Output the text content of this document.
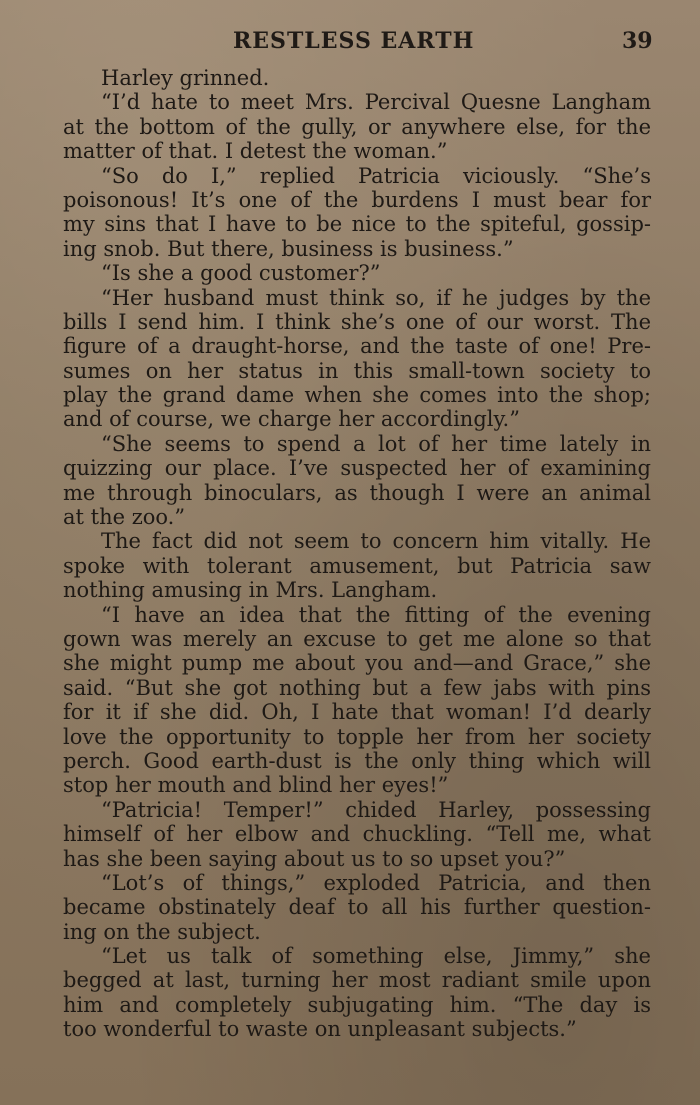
RESTLESS EARTH	39
Harley grinned.
“I’d hate to meet Mrs. Percival Quesne Langham
at the bottom of the gully, or anywhere else, for the
matter of that. I detest the woman.”
“So do I,” replied Patricia viciously. “She’s
poisonous! It’s one of the burdens I must bear for
my sins that I have to be nice to the spiteful, gossip-
ing snob. But there, business is business.”
“Is she a good customer?”
“Her husband must think so, if he judges by the
bills I send him. I think she’s one of our worst. The
figure of a draught-horse, and the taste of one! Pre-
sumes on her status in this small-town society to
play the grand dame when she comes into the shop;
and of course, we charge her accordingly.”
“She seems to spend a lot of her time lately in
quizzing our place. I’ve suspected her of examining
me through binoculars, as though I were an animal
at the zoo.”
The fact did not seem to concern him vitally. He
spoke with tolerant amusement, but Patricia saw
nothing amusing in Mrs. Langham.
“I have an idea that the fitting of the evening
gown was merely an excuse to get me alone so that
she might pump me about you and—and Grace,” she
said. “But she got nothing but a few jabs with pins
for it if she did. Oh, I hate that woman! I’d dearly
love the opportunity to topple her from her society
perch. Good earth-dust is the only thing which will
stop her mouth and blind her eyes!”
“Patricia! Temper!” chided Harley, possessing
himself of her elbow and chuckling. “Tell me, what
has she been saying about us to so upset you?”
“Lot’s of things,” exploded Patricia, and then
became obstinately deaf to all his further question-
ing on the subject.
“Let us talk of something else, Jimmy,” she
begged at last, turning her most radiant smile upon
him and completely subjugating him. “The day is
too wonderful to waste on unpleasant subjects.”
